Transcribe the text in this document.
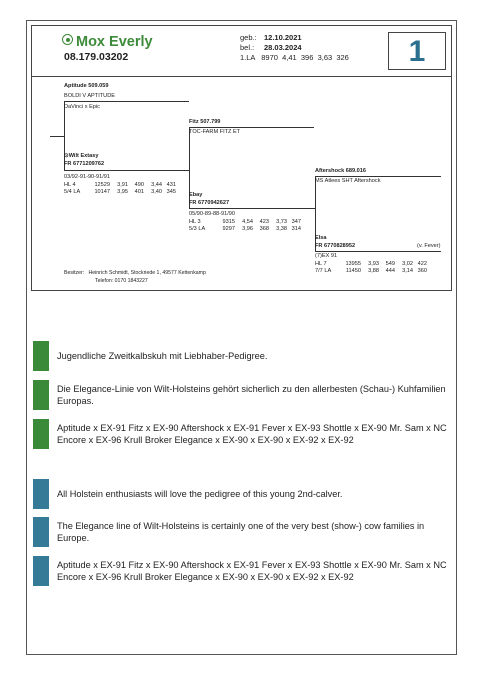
Mox Everly
08.179.03202
geb.: 12.10.2021
bel.: 28.03.2024
1.LA   8970  4,41  396  3,63  326	1
Aptitude 509.059
BOLDI V APTITUDE
DaVinci x Epic
⊙Wilt Extasy
FR 6771209762
03/92-91-90-91/91
HL 4	12529 3,91 490 3,44 431
5/4 LA	10147 3,95 401 3,40 345
Fitz 507.799
TOC-FARM FITZ ET
Ebay
FR 6770942627
05/90-89-88-91/90
HL 3	9315 4,54 423 3,73 347
5/3 LA	9297 3,96 368 3,38 314
Aftershock 689.016
MS Atlees SHT Aftershock
Elsa
FR 6770828952	(v. Fever)
(7)EX 91
HL 7	13955 3,93 549 3,02 422
7/7 LA	11450 3,88 444 3,14 360
Besitzer: Heinrich Schmidt, Stockriede 1, 49577 Kettenkamp
Telefon: 0170 1843227
Jugendliche Zweitkalbskuh mit Liebhaber-Pedigree.
Die Elegance-Linie von Wilt-Holsteins gehört sicherlich zu den allerbesten (Schau-) Kuhfamilien Europas.
Aptitude x EX-91 Fitz x EX-90 Aftershock x EX-91 Fever x EX-93 Shottle x EX-90 Mr. Sam x NC Encore x EX-96 Krull Broker Elegance x EX-90 x EX-90 x EX-92 x EX-92
All Holstein enthusiasts will love the pedigree of this young 2nd-calver.
The Elegance line of Wilt-Holsteins is certainly one of the very best (show-) cow families in Europe.
Aptitude x EX-91 Fitz x EX-90 Aftershock x EX-91 Fever x EX-93 Shottle x EX-90 Mr. Sam x NC Encore x EX-96 Krull Broker Elegance x EX-90 x EX-90 x EX-92 x EX-92
